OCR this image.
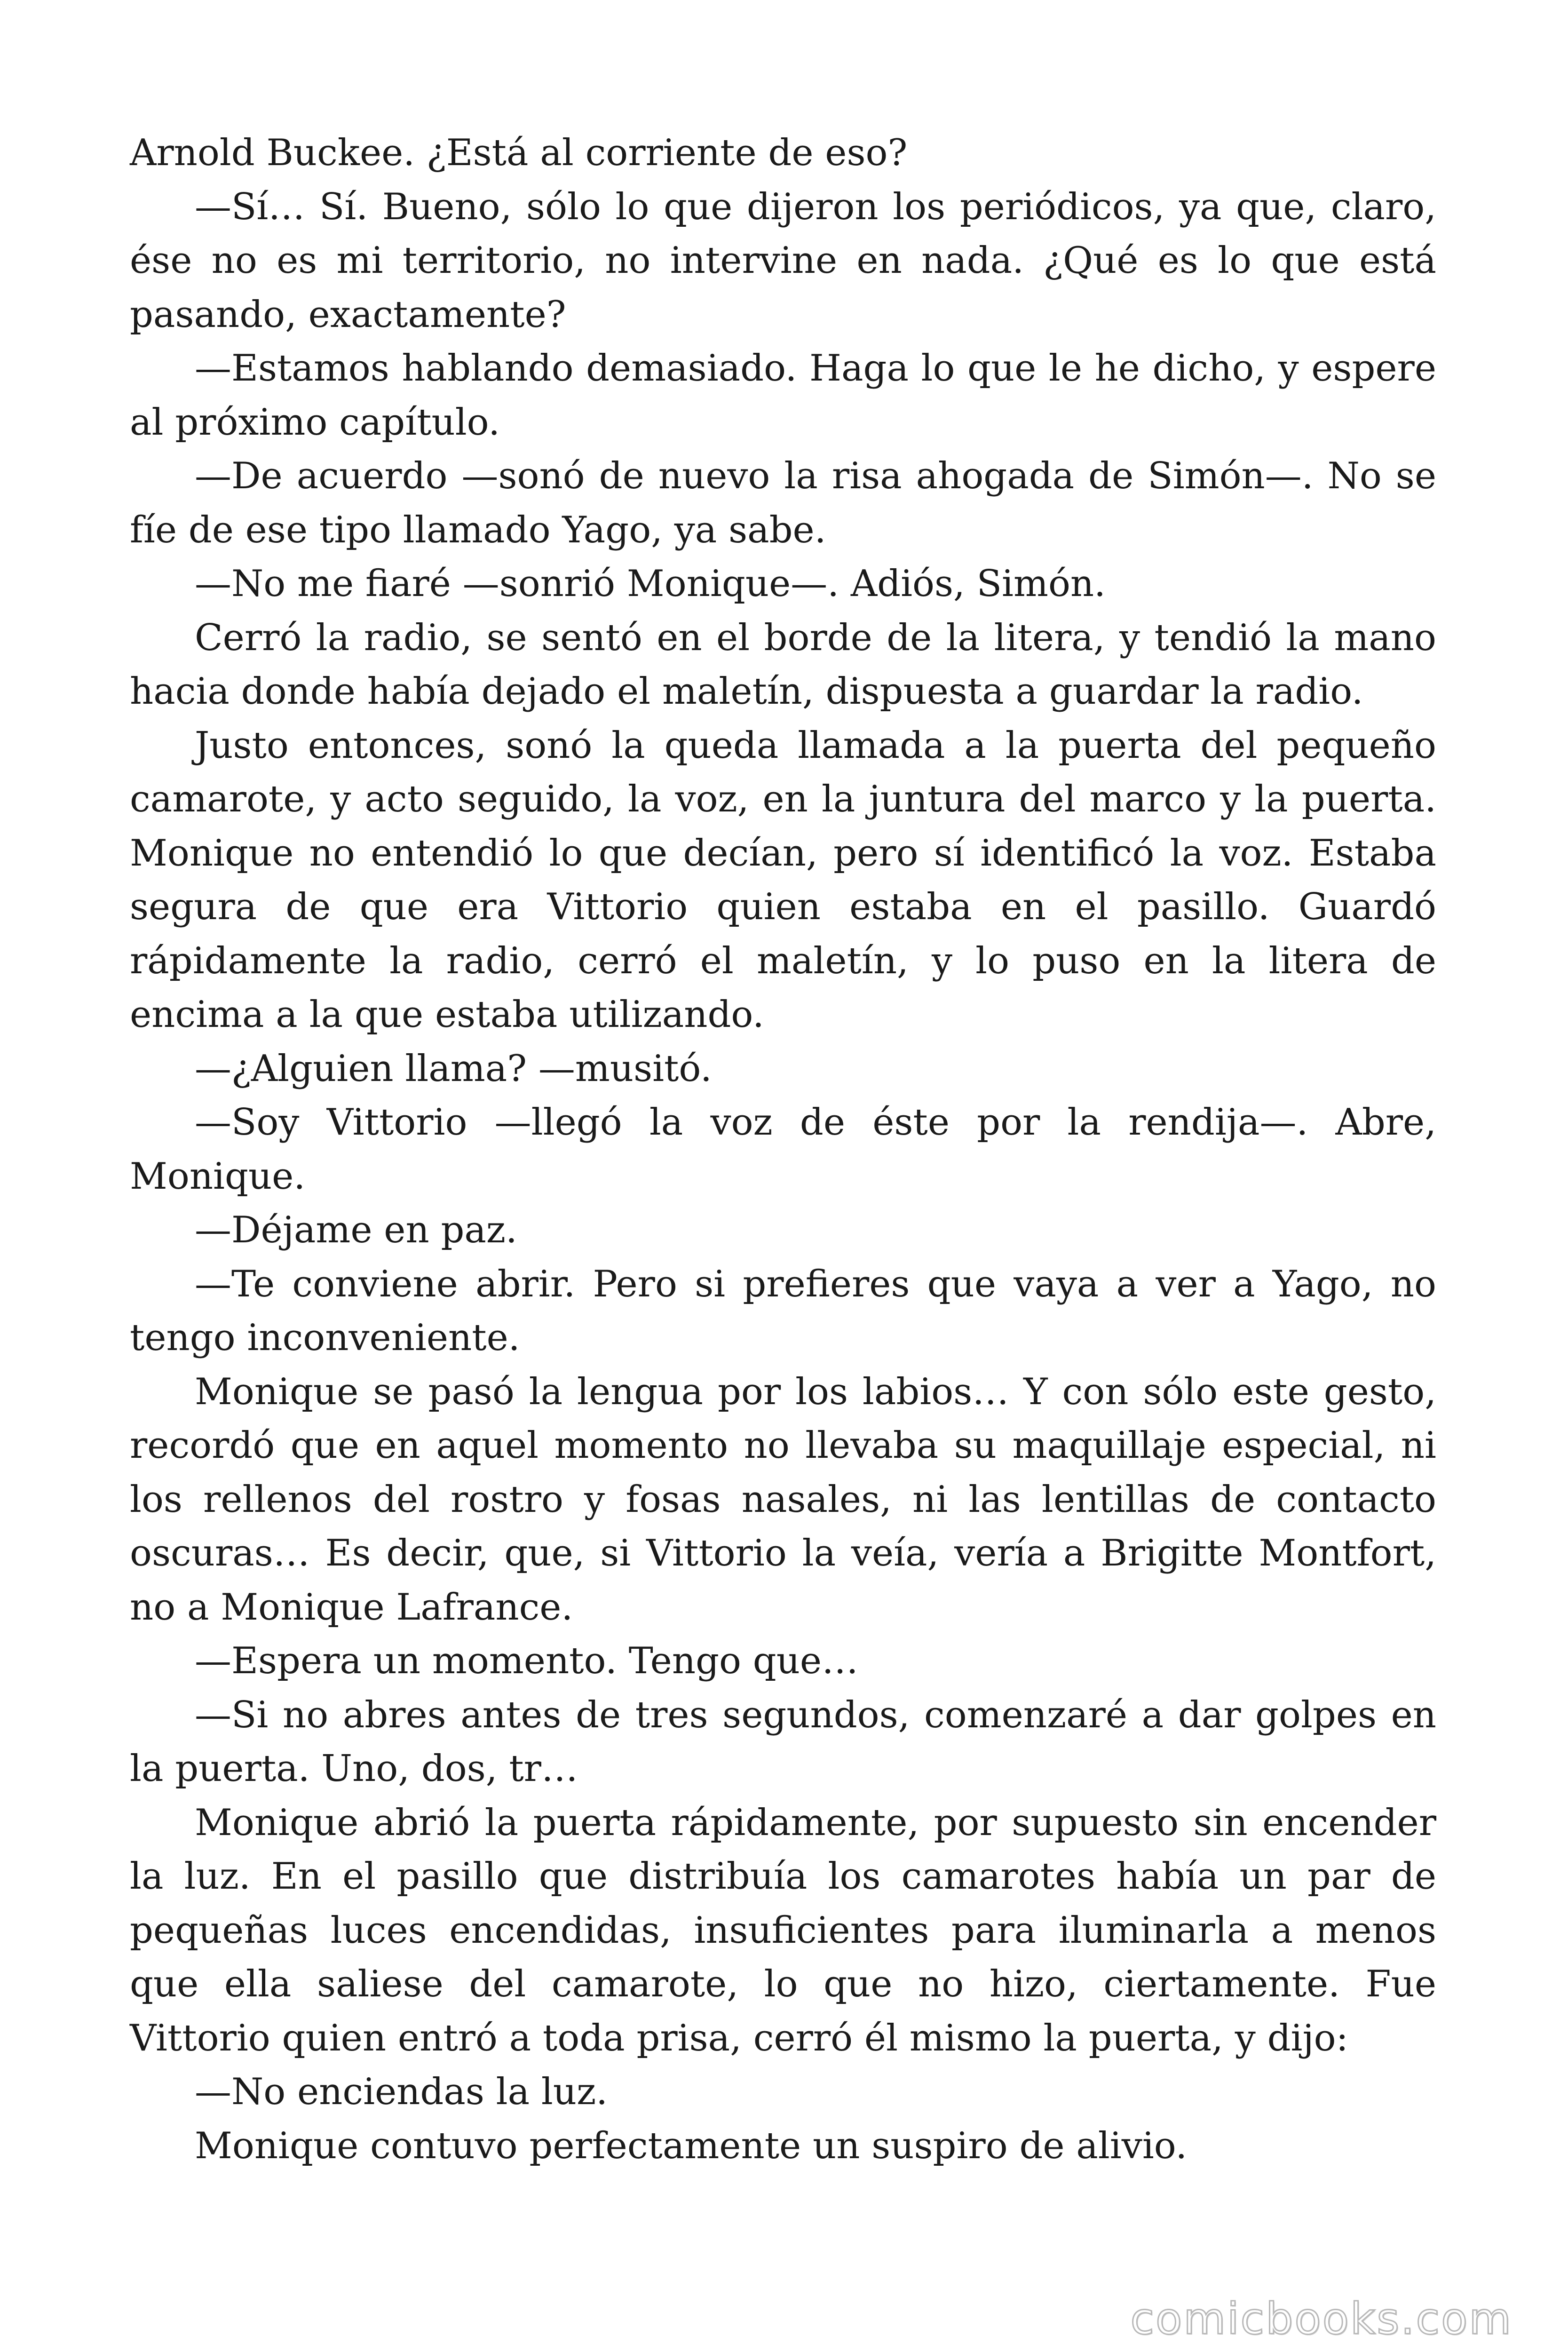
Arnold Buckee. ¿Está al corriente de eso?

—Sí… Sí. Bueno, sólo lo que dijeron los periódicos, ya que, claro, ése no es mi territorio, no intervine en nada. ¿Qué es lo que está pasando, exactamente?

—Estamos hablando demasiado. Haga lo que le he dicho, y espere al próximo capítulo.

—De acuerdo —sonó de nuevo la risa ahogada de Simón—. No se fíe de ese tipo llamado Yago, ya sabe.

—No me fiaré —sonrió Monique—. Adiós, Simón.

Cerró la radio, se sentó en el borde de la litera, y tendió la mano hacia donde había dejado el maletín, dispuesta a guardar la radio.

Justo entonces, sonó la queda llamada a la puerta del pequeño camarote, y acto seguido, la voz, en la juntura del marco y la puerta. Monique no entendió lo que decían, pero sí identificó la voz. Estaba segura de que era Vittorio quien estaba en el pasillo. Guardó rápidamente la radio, cerró el maletín, y lo puso en la litera de encima a la que estaba utilizando.

—¿Alguien llama? —musitó.

—Soy Vittorio —llegó la voz de éste por la rendija—. Abre, Monique.

—Déjame en paz.

—Te conviene abrir. Pero si prefieres que vaya a ver a Yago, no tengo inconveniente.

Monique se pasó la lengua por los labios… Y con sólo este gesto, recordó que en aquel momento no llevaba su maquillaje especial, ni los rellenos del rostro y fosas nasales, ni las lentillas de contacto oscuras… Es decir, que, si Vittorio la veía, vería a Brigitte Montfort, no a Monique Lafrance.

—Espera un momento. Tengo que…

—Si no abres antes de tres segundos, comenzaré a dar golpes en la puerta. Uno, dos, tr…

Monique abrió la puerta rápidamente, por supuesto sin encender la luz. En el pasillo que distribuía los camarotes había un par de pequeñas luces encendidas, insuficientes para iluminarla a menos que ella saliese del camarote, lo que no hizo, ciertamente. Fue Vittorio quien entró a toda prisa, cerró él mismo la puerta, y dijo:

—No enciendas la luz.

Monique contuvo perfectamente un suspiro de alivio.

comicbooks.com
